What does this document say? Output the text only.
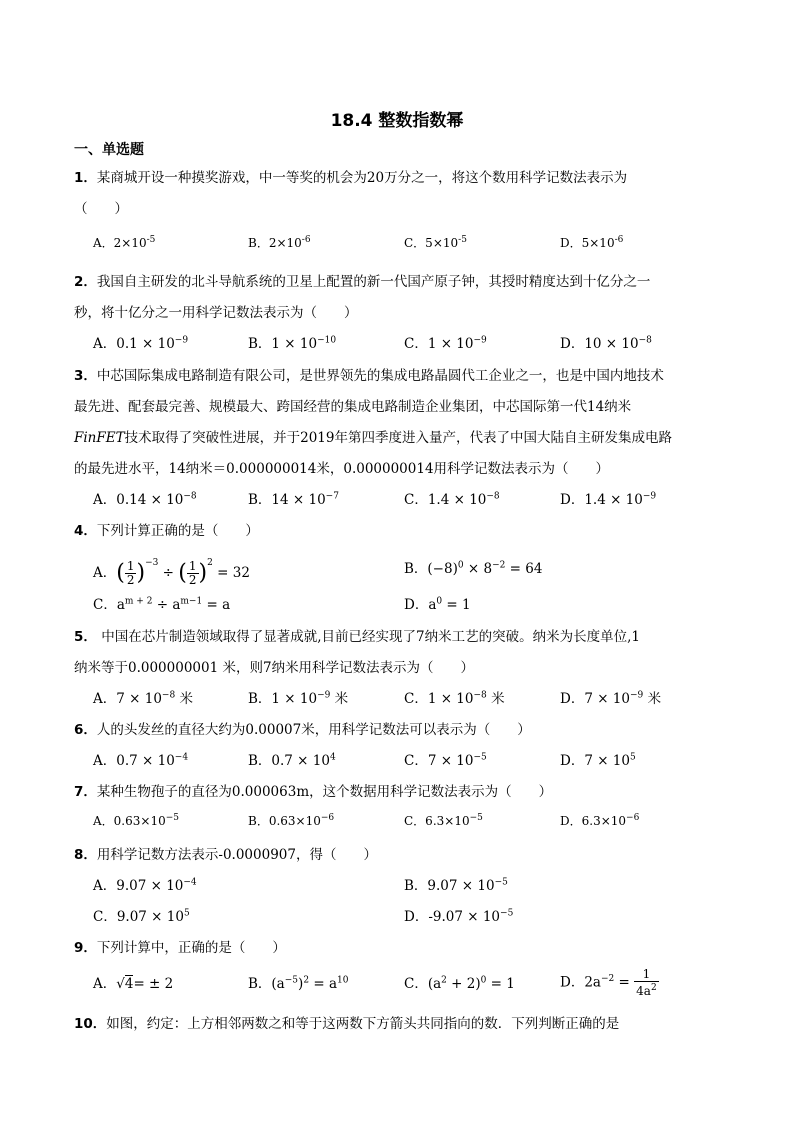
18.4 整数指数幂
一、单选题
1．某商城开设一种摸奖游戏，中一等奖的机会为20万分之一，将这个数用科学记数法表示为
（　　）
A．$2\times 10^{-5}$	B．$2\times 10^{-6}$	C．$5\times 10^{-5}$	D．$5\times 10^{-6}$
2．我国自主研发的北斗导航系统的卫星上配置的新一代国产原子钟，其授时精度达到十亿分之一
秒，将十亿分之一用科学记数法表示为（　　）
A．$0.1 \times 10^{-9}$	B．$1 \times 10^{-10}$	C．$1 \times 10^{-9}$	D．$10 \times 10^{-8}$
3．中芯国际集成电路制造有限公司，是世界领先的集成电路晶圆代工企业之一，也是中国内地技术
最先进、配套最完善、规模最大、跨国经营的集成电路制造企业集团，中芯国际第一代14纳米
FinFET技术取得了突破性进展，并于2019年第四季度进入量产，代表了中国大陆自主研发集成电路
的最先进水平，14纳米＝0.000000014米，0.000000014用科学记数法表示为（　　）
A．$0.14 \times 10^{-8}$	B．$14 \times 10^{-7}$	C．$1.4 \times 10^{-8}$	D．$1.4 \times 10^{-9}$
4．下列计算正确的是（　　）
A．( $\frac{1}{2} )^{-3}$ ÷ ( $\frac{1}{2} )^2 = 32$	B．$(-8)^0 \times 8^{-2} = 64$
C．$a^{m + 2} \div a^{m-1} = a$	D．$a^0 = 1$
5． 中国在芯片制造领域取得了显著成就,目前已经实现了7纳米工艺的突破。纳米为长度单位,1
纳米等于0.000000001 米，则7纳米用科学记数法表示为（　　）
A．$7 \times 10^{-8}$ 米	B．$1 \times 10^{-9}$ 米	C．$1 \times 10^{-8}$ 米	D．$7 \times 10^{-9}$ 米
6．人的头发丝的直径大约为0.00007米，用科学记数法可以表示为（　　）
A．$0.7 \times 10^{-4}$	B．$0.7 \times 10^4$	C．$7 \times 10^{-5}$	D．$7 \times 10^5$
7．某种生物孢子的直径为0.000063m，这个数据用科学记数法表示为（　　）
A．$0.63\times 10^{-5}$	B．$0.63\times 10^{-6}$	C．$6.3\times 10^{-5}$	D．$6.3\times 10^{-6}$
8．用科学记数方法表示-0.0000907，得（　　）
A．$9.07 \times 10^{-4}$	B．$9.07 \times 10^{-5}$
C．$9.07 \times 10^5$	D．$-9.07 \times 10^{-5}$
9．下列计算中，正确的是（　　）
A．√4= ± 2	B．$(a^{-5})^2 = a^{10}$	C．$(a^2 + 2)^0 = 1$	D．$2a^{-2} = \frac{1}{4a^2}$
10．如图，约定：上方相邻两数之和等于这两数下方箭头共同指向的数．下列判断正确的是
